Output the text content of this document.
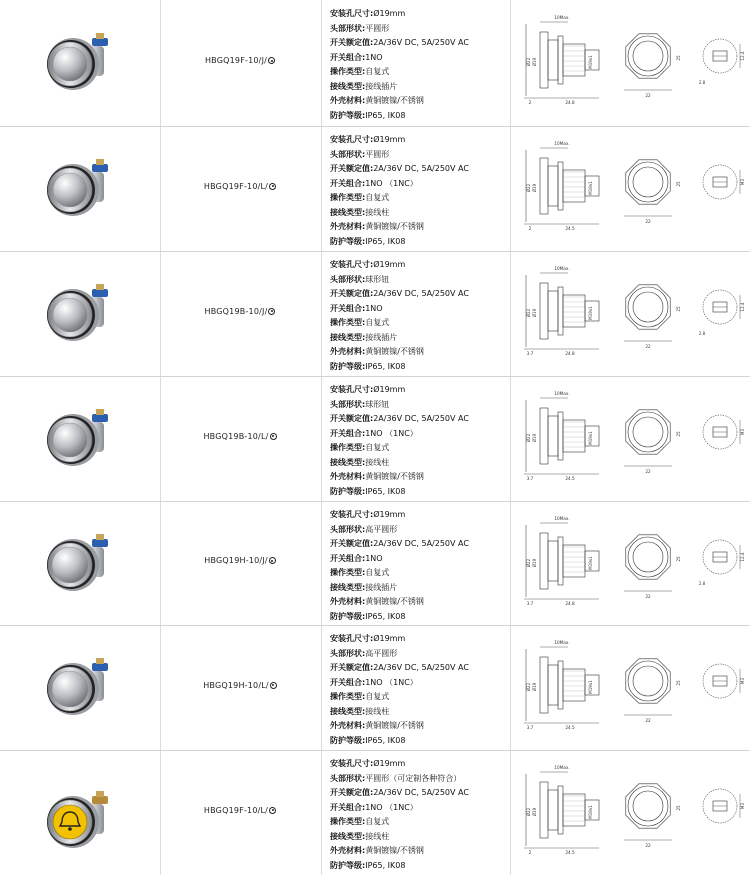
HBGQ19F-10/J/
安装孔尺寸:Ø19mm
头部形状:平圆形
开关额定值:2A/36V DC, 5A/250V AC
开关组合:1NO
操作类型:自复式
接线类型:接线插片
外壳材料:黄铜镀镍/不锈钢
防护等级:IP65, IK08
10Max.
2	24.8
Ø22 Ø19	M19x1
22
25	12.4
2.8
HBGQ19F-10/L/
安装孔尺寸:Ø19mm
头部形状:平圆形
开关额定值:2A/36V DC, 5A/250V AC
开关组合:1NO （1NC）
操作类型:自复式
接线类型:接线柱
外壳材料:黄铜镀镍/不锈钢
防护等级:IP65, IK08
10Max.
2	24.5
Ø22 Ø19	M19x1
22
25	M3
HBGQ19B-10/J/
安装孔尺寸:Ø19mm
头部形状:球形钮
开关额定值:2A/36V DC, 5A/250V AC
开关组合:1NO
操作类型:自复式
接线类型:接线插片
外壳材料:黄铜镀镍/不锈钢
防护等级:IP65, IK08
10Max.
3.7	24.8
Ø22 Ø19	M19x1
22
25	12.4
2.8
HBGQ19B-10/L/
安装孔尺寸:Ø19mm
头部形状:球形钮
开关额定值:2A/36V DC, 5A/250V AC
开关组合:1NO （1NC）
操作类型:自复式
接线类型:接线柱
外壳材料:黄铜镀镍/不锈钢
防护等级:IP65, IK08
10Max.
3.7	24.5
Ø22 Ø19	M19x1
22
25	M3
HBGQ19H-10/J/
安装孔尺寸:Ø19mm
头部形状:高平圆形
开关额定值:2A/36V DC, 5A/250V AC
开关组合:1NO
操作类型:自复式
接线类型:接线插片
外壳材料:黄铜镀镍/不锈钢
防护等级:IP65, IK08
10Max.
3.7	24.8
Ø22 Ø19	M19x1
22
25	12.4
2.8
HBGQ19H-10/L/
安装孔尺寸:Ø19mm
头部形状:高平圆形
开关额定值:2A/36V DC, 5A/250V AC
开关组合:1NO （1NC）
操作类型:自复式
接线类型:接线柱
外壳材料:黄铜镀镍/不锈钢
防护等级:IP65, IK08
10Max.
3.7	24.5
Ø22 Ø19	M19x1
22
25	M3
HBGQ19F-10/L/
安装孔尺寸:Ø19mm
头部形状:平圆形（可定制各种符合）
开关额定值:2A/36V DC, 5A/250V AC
开关组合:1NO （1NC）
操作类型:自复式
接线类型:接线柱
外壳材料:黄铜镀镍/不锈钢
防护等级:IP65, IK08
10Max.
2	24.5
Ø22 Ø19	M19x1
22
25	M3
